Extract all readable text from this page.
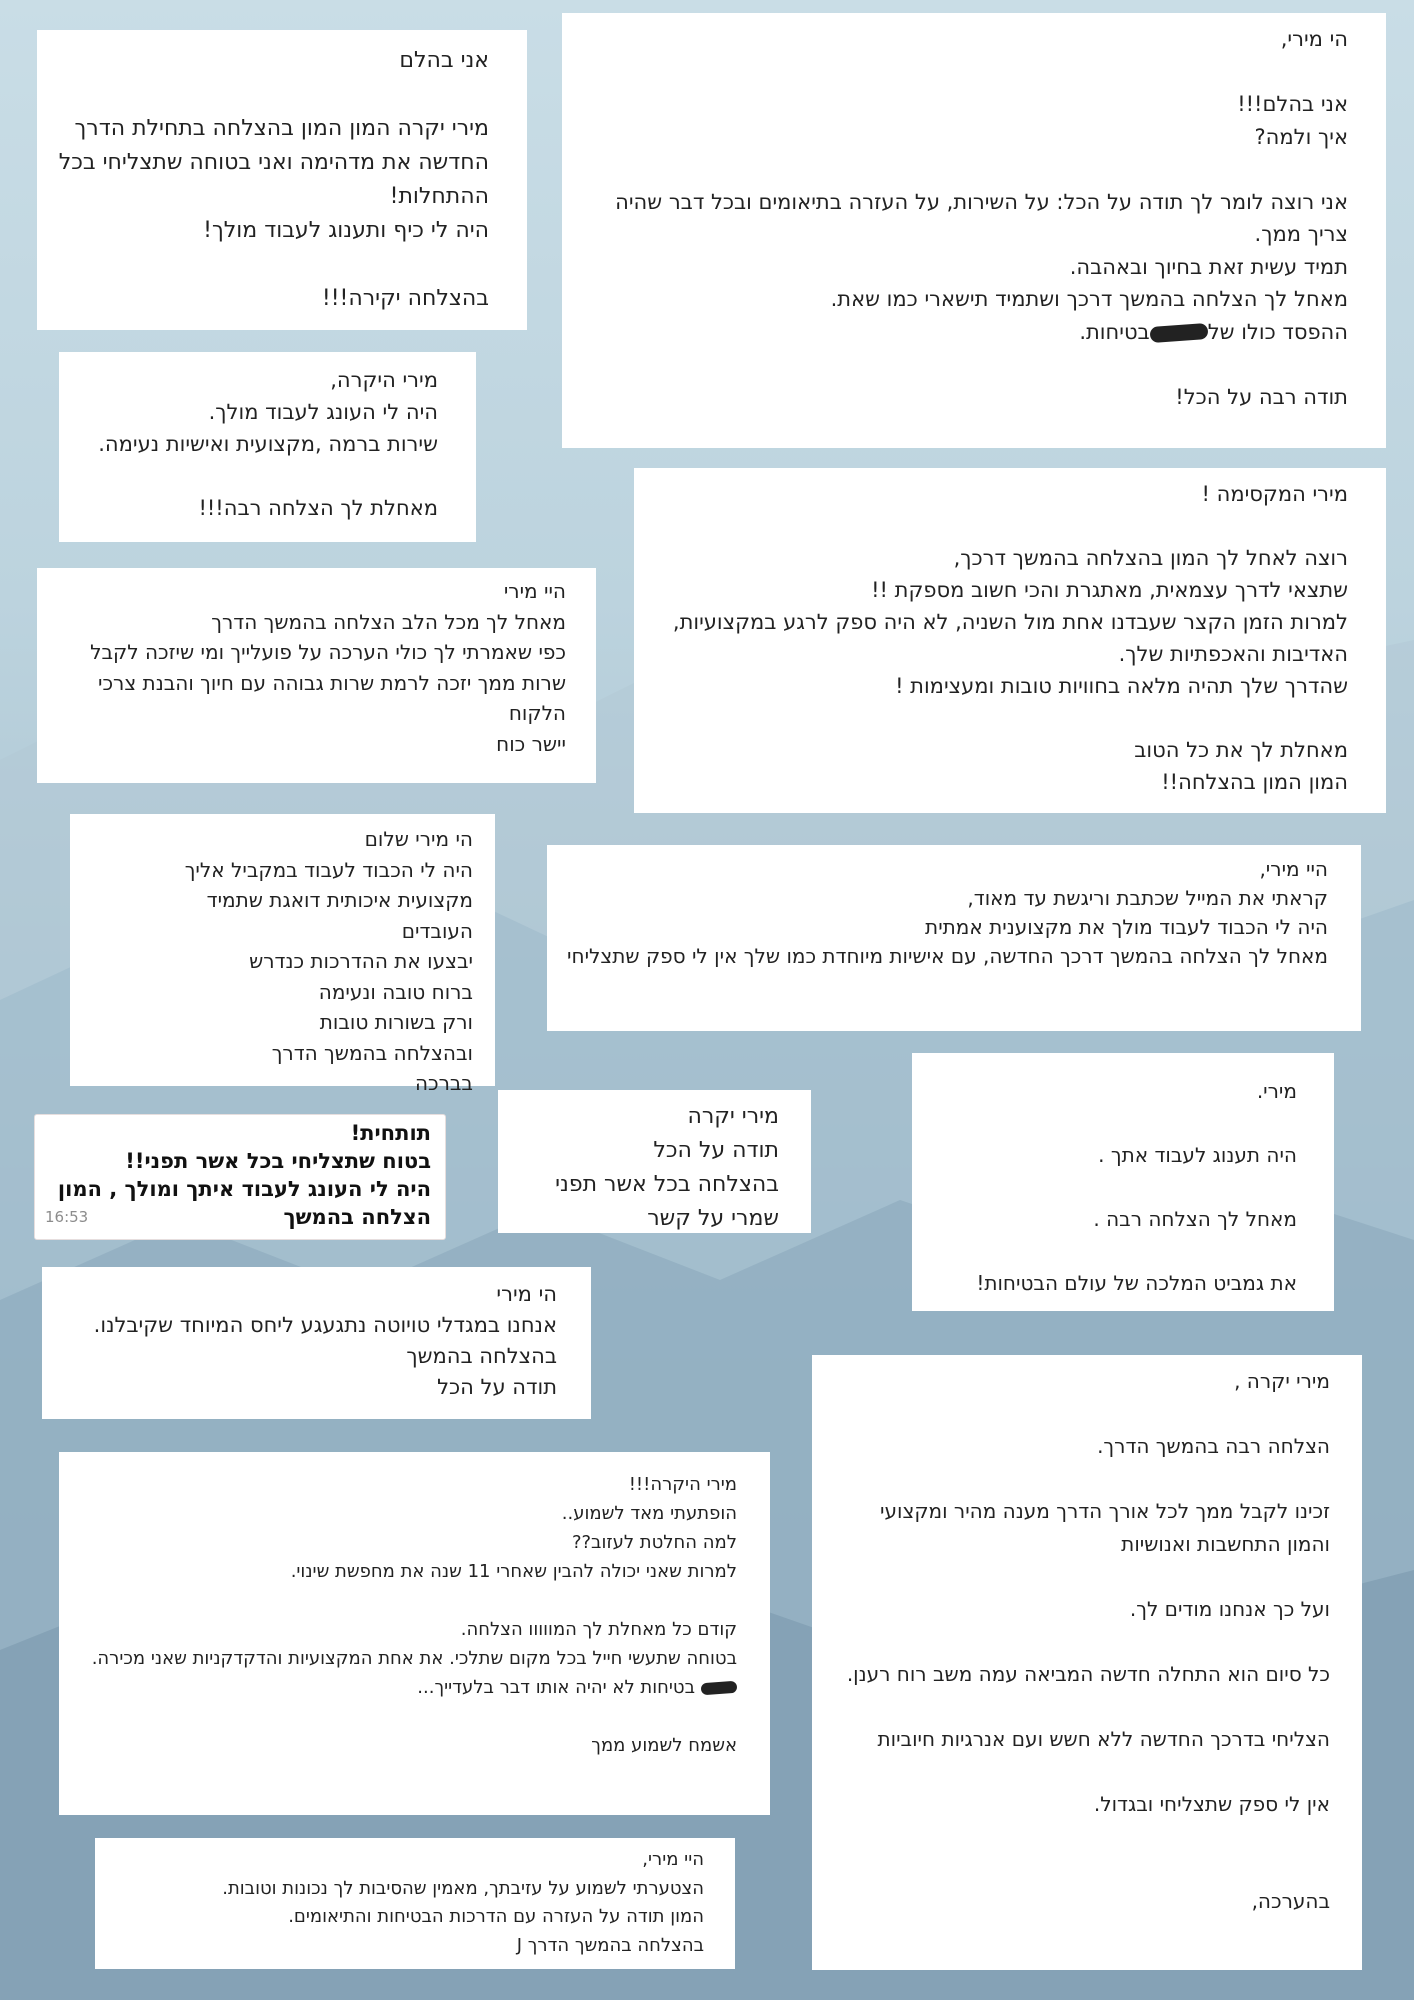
הי מירי,

אני בהלם!!!
איך ולמה?

אני רוצה לומר לך תודה על הכל: על השירות, על העזרה בתיאומים ובכל דבר שהיה צריך ממך.
תמיד עשית זאת בחיוך ובאהבה.
מאחל לך הצלחה בהמשך דרכך ושתמיד תישארי כמו שאת.

ההפסד כולו שלבטיחות.

תודה רבה על הכל!

אני בהלם

מירי יקרה המון המון בהצלחה בתחילת הדרך החדשה את מדהימה ואני בטוחה שתצליחי בכל ההתחלות!
היה לי כיף ותענוג לעבוד מולך!

בהצלחה יקירה!!!

מירי היקרה,
היה לי העונג לעבוד מולך.
שירות ברמה ,מקצועית ואישיות נעימה.

מאחלת לך הצלחה רבה!!!

מירי המקסימה !

רוצה לאחל לך המון בהצלחה בהמשך דרכך,
שתצאי לדרך עצמאית, מאתגרת והכי חשוב מספקת !!
למרות הזמן הקצר שעבדנו אחת מול השניה, לא היה ספק לרגע במקצועיות, האדיבות והאכפתיות שלך.
שהדרך שלך תהיה מלאה בחוויות טובות ומעצימות !

מאחלת לך את כל הטוב
המון המון בהצלחה!!

היי מירי
מאחל לך מכל הלב הצלחה בהמשך הדרך
כפי שאמרתי לך כולי הערכה על פועלייך ומי שיזכה לקבל שרות ממך יזכה לרמת שרות גבוהה עם חיוך והבנת צרכי הלקוח
יישר כוח

הי מירי שלום
היה לי הכבוד לעבוד במקביל אליך
מקצועית איכותית דואגת שתמיד העובדים
יבצעו את ההדרכות כנדרש
ברוח טובה ונעימה
ורק בשורות טובות
ובהצלחה בהמשך הדרך
בברכה

היי מירי,
קראתי את המייל שכתבת וריגשת עד מאוד,
היה לי הכבוד לעבוד מולך את מקצוענית אמתית
מאחל לך הצלחה בהמשך דרכך החדשה, עם אישיות מיוחדת כמו שלך אין לי ספק שתצליחי

מירי.

היה תענוג לעבוד אתך .

מאחל לך הצלחה רבה .

את גמביט המלכה של עולם הבטיחות!

תותחית!
בטוח שתצליחי בכל אשר תפני!!
היה לי העונג לעבוד איתך ומולך , המון הצלחה בהמשך

16:53

מירי יקרה
תודה על הכל
בהצלחה בכל אשר תפני
שמרי על קשר

הי מירי
אנחנו במגדלי טויוטה נתגעגע ליחס המיוחד שקיבלנו.
בהצלחה בהמשך
תודה על הכל	מירי יקרה ,

הצלחה רבה בהמשך הדרך.

זכינו לקבל ממך לכל אורך הדרך מענה מהיר ומקצועי והמון התחשבות ואנושיות

ועל כך אנחנו מודים לך.

כל סיום הוא התחלה חדשה המביאה עמה משב רוח רענן.

הצליחי בדרכך החדשה ללא חשש ועם אנרגיות חיוביות

אין לי ספק שתצליחי ובגדול.

בהערכה,

מירי היקרה!!!
הופתעתי מאד לשמוע..
למה החלטת לעזוב??
למרות שאני יכולה להבין שאחרי 11 שנה את מחפשת שינוי.

קודם כל מאחלת לך המווווו הצלחה.
בטוחה שתעשי חייל בכל מקום שתלכי. את אחת המקצועיות והדקדקניות שאני מכירה.

בטיחות לא יהיה אותו דבר בלעדייך...

אשמח לשמוע ממך

היי מירי,
הצטערתי לשמוע על עזיבתך, מאמין שהסיבות לך נכונות וטובות.
המון תודה על העזרה עם הדרכות הבטיחות והתיאומים.
בהצלחה בהמשך הדרך J
